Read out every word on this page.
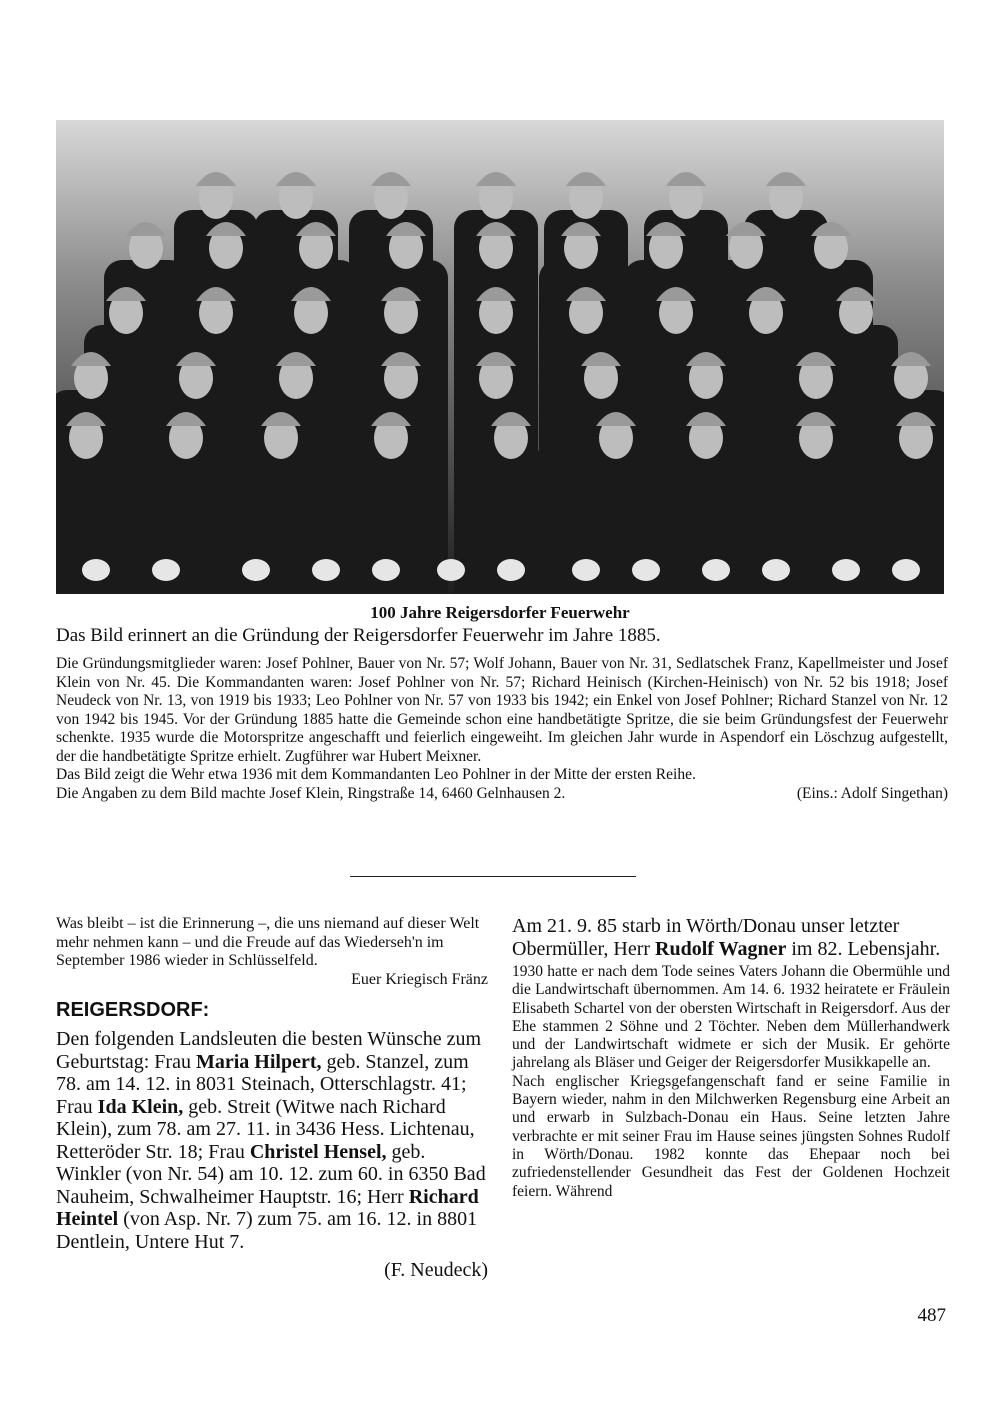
100 Jahre Reigersdorfer Feuerwehr
Das Bild erinnert an die Gründung der Reigersdorfer Feuerwehr im Jahre 1885.

Die Gründungsmitglieder waren: Josef Pohlner, Bauer von Nr. 57; Wolf Johann, Bauer von Nr. 31, Sedlatschek Franz, Kapellmeister und Josef Klein von Nr. 45. Die Kommandanten waren: Josef Pohlner von Nr. 57; Richard Heinisch (Kirchen-Heinisch) von Nr. 52 bis 1918; Josef Neudeck von Nr. 13, von 1919 bis 1933; Leo Pohlner von Nr. 57 von 1933 bis 1942; ein Enkel von Josef Pohlner; Richard Stanzel von Nr. 12 von 1942 bis 1945. Vor der Gründung 1885 hatte die Gemeinde schon eine handbetätigte Spritze, die sie beim Gründungsfest der Feuerwehr schenkte. 1935 wurde die Motorspritze angeschafft und feierlich eingeweiht. Im gleichen Jahr wurde in Aspendorf ein Löschzug aufgestellt, der die handbetätigte Spritze erhielt. Zugführer war Hubert Meixner.

Das Bild zeigt die Wehr etwa 1936 mit dem Kommandanten Leo Pohlner in der Mitte der ersten Reihe.

Die Angaben zu dem Bild machte Josef Klein, Ringstraße 14, 6460 Gelnhausen 2.	(Eins.: Adolf Singethan)

Was bleibt – ist die Erinnerung –, die uns niemand auf dieser Welt mehr nehmen kann – und die Freude auf das Wiederseh'n im September 1986 wieder in Schlüsselfeld.

Euer Kriegisch Fränz

REIGERSDORF:

Den folgenden Landsleuten die besten Wünsche zum Geburtstag: Frau Maria Hilpert, geb. Stanzel, zum 78. am 14. 12. in 8031 Steinach, Otterschlagstr. 41; Frau Ida Klein, geb. Streit (Witwe nach Richard Klein), zum 78. am 27. 11. in 3436 Hess. Lichtenau, Retteröder Str. 18; Frau Christel Hensel, geb. Winkler (von Nr. 54) am 10. 12. zum 60. in 6350 Bad Nauheim, Schwalheimer Hauptstr. 16; Herr Richard Heintel (von Asp. Nr. 7) zum 75. am 16. 12. in 8801 Dentlein, Untere Hut 7.

(F. Neudeck)

Am 21. 9. 85 starb in Wörth/Donau unser letzter Obermüller, Herr Rudolf Wagner im 82. Lebensjahr.

1930 hatte er nach dem Tode seines Vaters Johann die Obermühle und die Landwirtschaft übernommen. Am 14. 6. 1932 heiratete er Fräulein Elisabeth Schartel von der obersten Wirtschaft in Reigersdorf. Aus der Ehe stammen 2 Söhne und 2 Töchter. Neben dem Müllerhandwerk und der Landwirtschaft widmete er sich der Musik. Er gehörte jahrelang als Bläser und Geiger der Reigersdorfer Musikkapelle an.

Nach englischer Kriegsgefangenschaft fand er seine Familie in Bayern wieder, nahm in den Milchwerken Regensburg eine Arbeit an und erwarb in Sulzbach-Donau ein Haus. Seine letzten Jahre verbrachte er mit seiner Frau im Hause seines jüngsten Sohnes Rudolf in Wörth/Donau. 1982 konnte das Ehepaar noch bei zufriedenstellender Gesundheit das Fest der Goldenen Hochzeit feiern. Während

487
